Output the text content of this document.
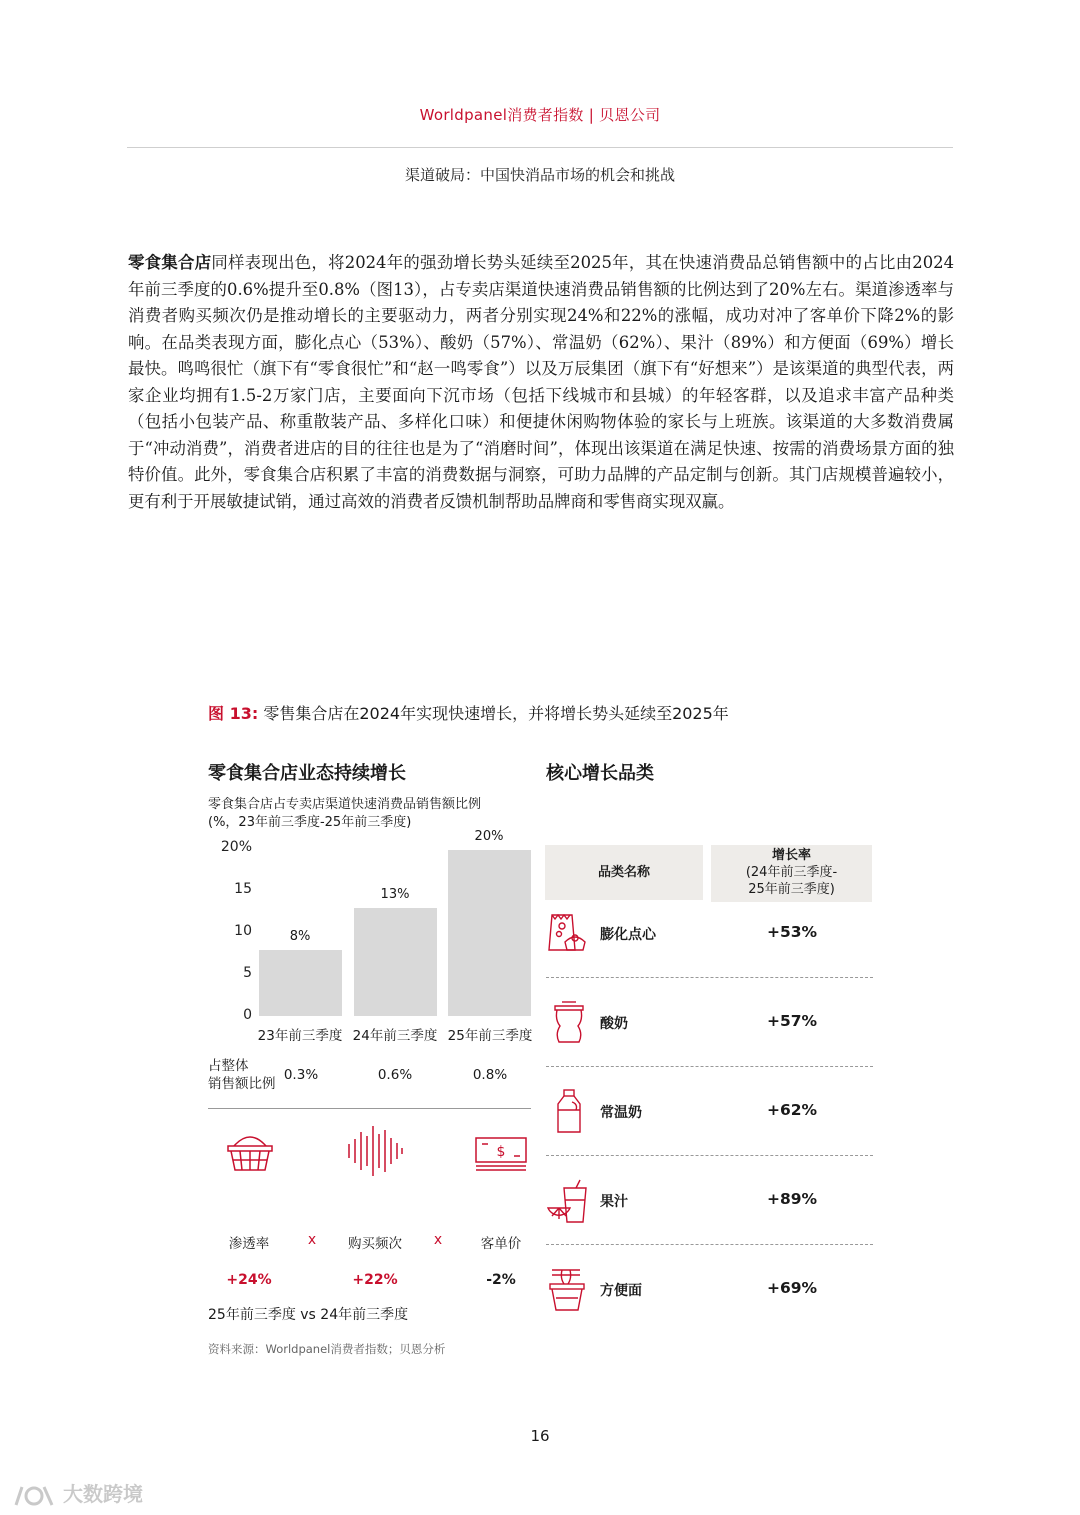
Worldpanel消费者指数 | 贝恩公司
渠道破局：中国快消品市场的机会和挑战
零食集合店同样表现出色，将2024年的强劲增长势头延续至2025年，其在快速消费品总销售额中的占比由2024年前三季度的0.6%提升至0.8%（图13），占专卖店渠道快速消费品销售额的比例达到了20%左右。渠道渗透率与消费者购买频次仍是推动增长的主要驱动力，两者分别实现24%和22%的涨幅，成功对冲了客单价下降2%的影响。在品类表现方面，膨化点心（53%）、酸奶（57%）、常温奶（62%）、果汁（89%）和方便面（69%）增长最快。鸣鸣很忙（旗下有“零食很忙”和“赵一鸣零食”）以及万辰集团（旗下有“好想来”）是该渠道的典型代表，两家企业均拥有1.5-2万家门店，主要面向下沉市场（包括下线城市和县城）的年轻客群，以及追求丰富产品种类（包括小包装产品、称重散装产品、多样化口味）和便捷休闲购物体验的家长与上班族。该渠道的大多数消费属于“冲动消费”，消费者进店的目的往往也是为了“消磨时间”，体现出该渠道在满足快速、按需的消费场景方面的独特价值。此外，零食集合店积累了丰富的消费数据与洞察，可助力品牌的产品定制与创新。其门店规模普遍较小，更有利于开展敏捷试销，通过高效的消费者反馈机制帮助品牌商和零售商实现双赢。
图 13: 零售集合店在2024年实现快速增长，并将增长势头延续至2025年
零食集合店业态持续增长
零食集合店占专卖店渠道快速消费品销售额比例
(%，23年前三季度-25年前三季度)
0
5
10
15
20%
8%
13%
20%
23年前三季度 24年前三季度 25年前三季度
占整体
销售额比例
0.3%	0.6%	0.8%
$
渗透率	x	购买频次	x	客单价
+24%	+22%	-2%
25年前三季度 vs 24年前三季度
资料来源：Worldpanel消费者指数；贝恩分析
核心增长品类
品类名称
增长率
(24年前三季度-
25年前三季度)
膨化点心	+53%
酸奶	+57%
常温奶	+62%
果汁	+89%
方便面	+69%
16
大数跨境
